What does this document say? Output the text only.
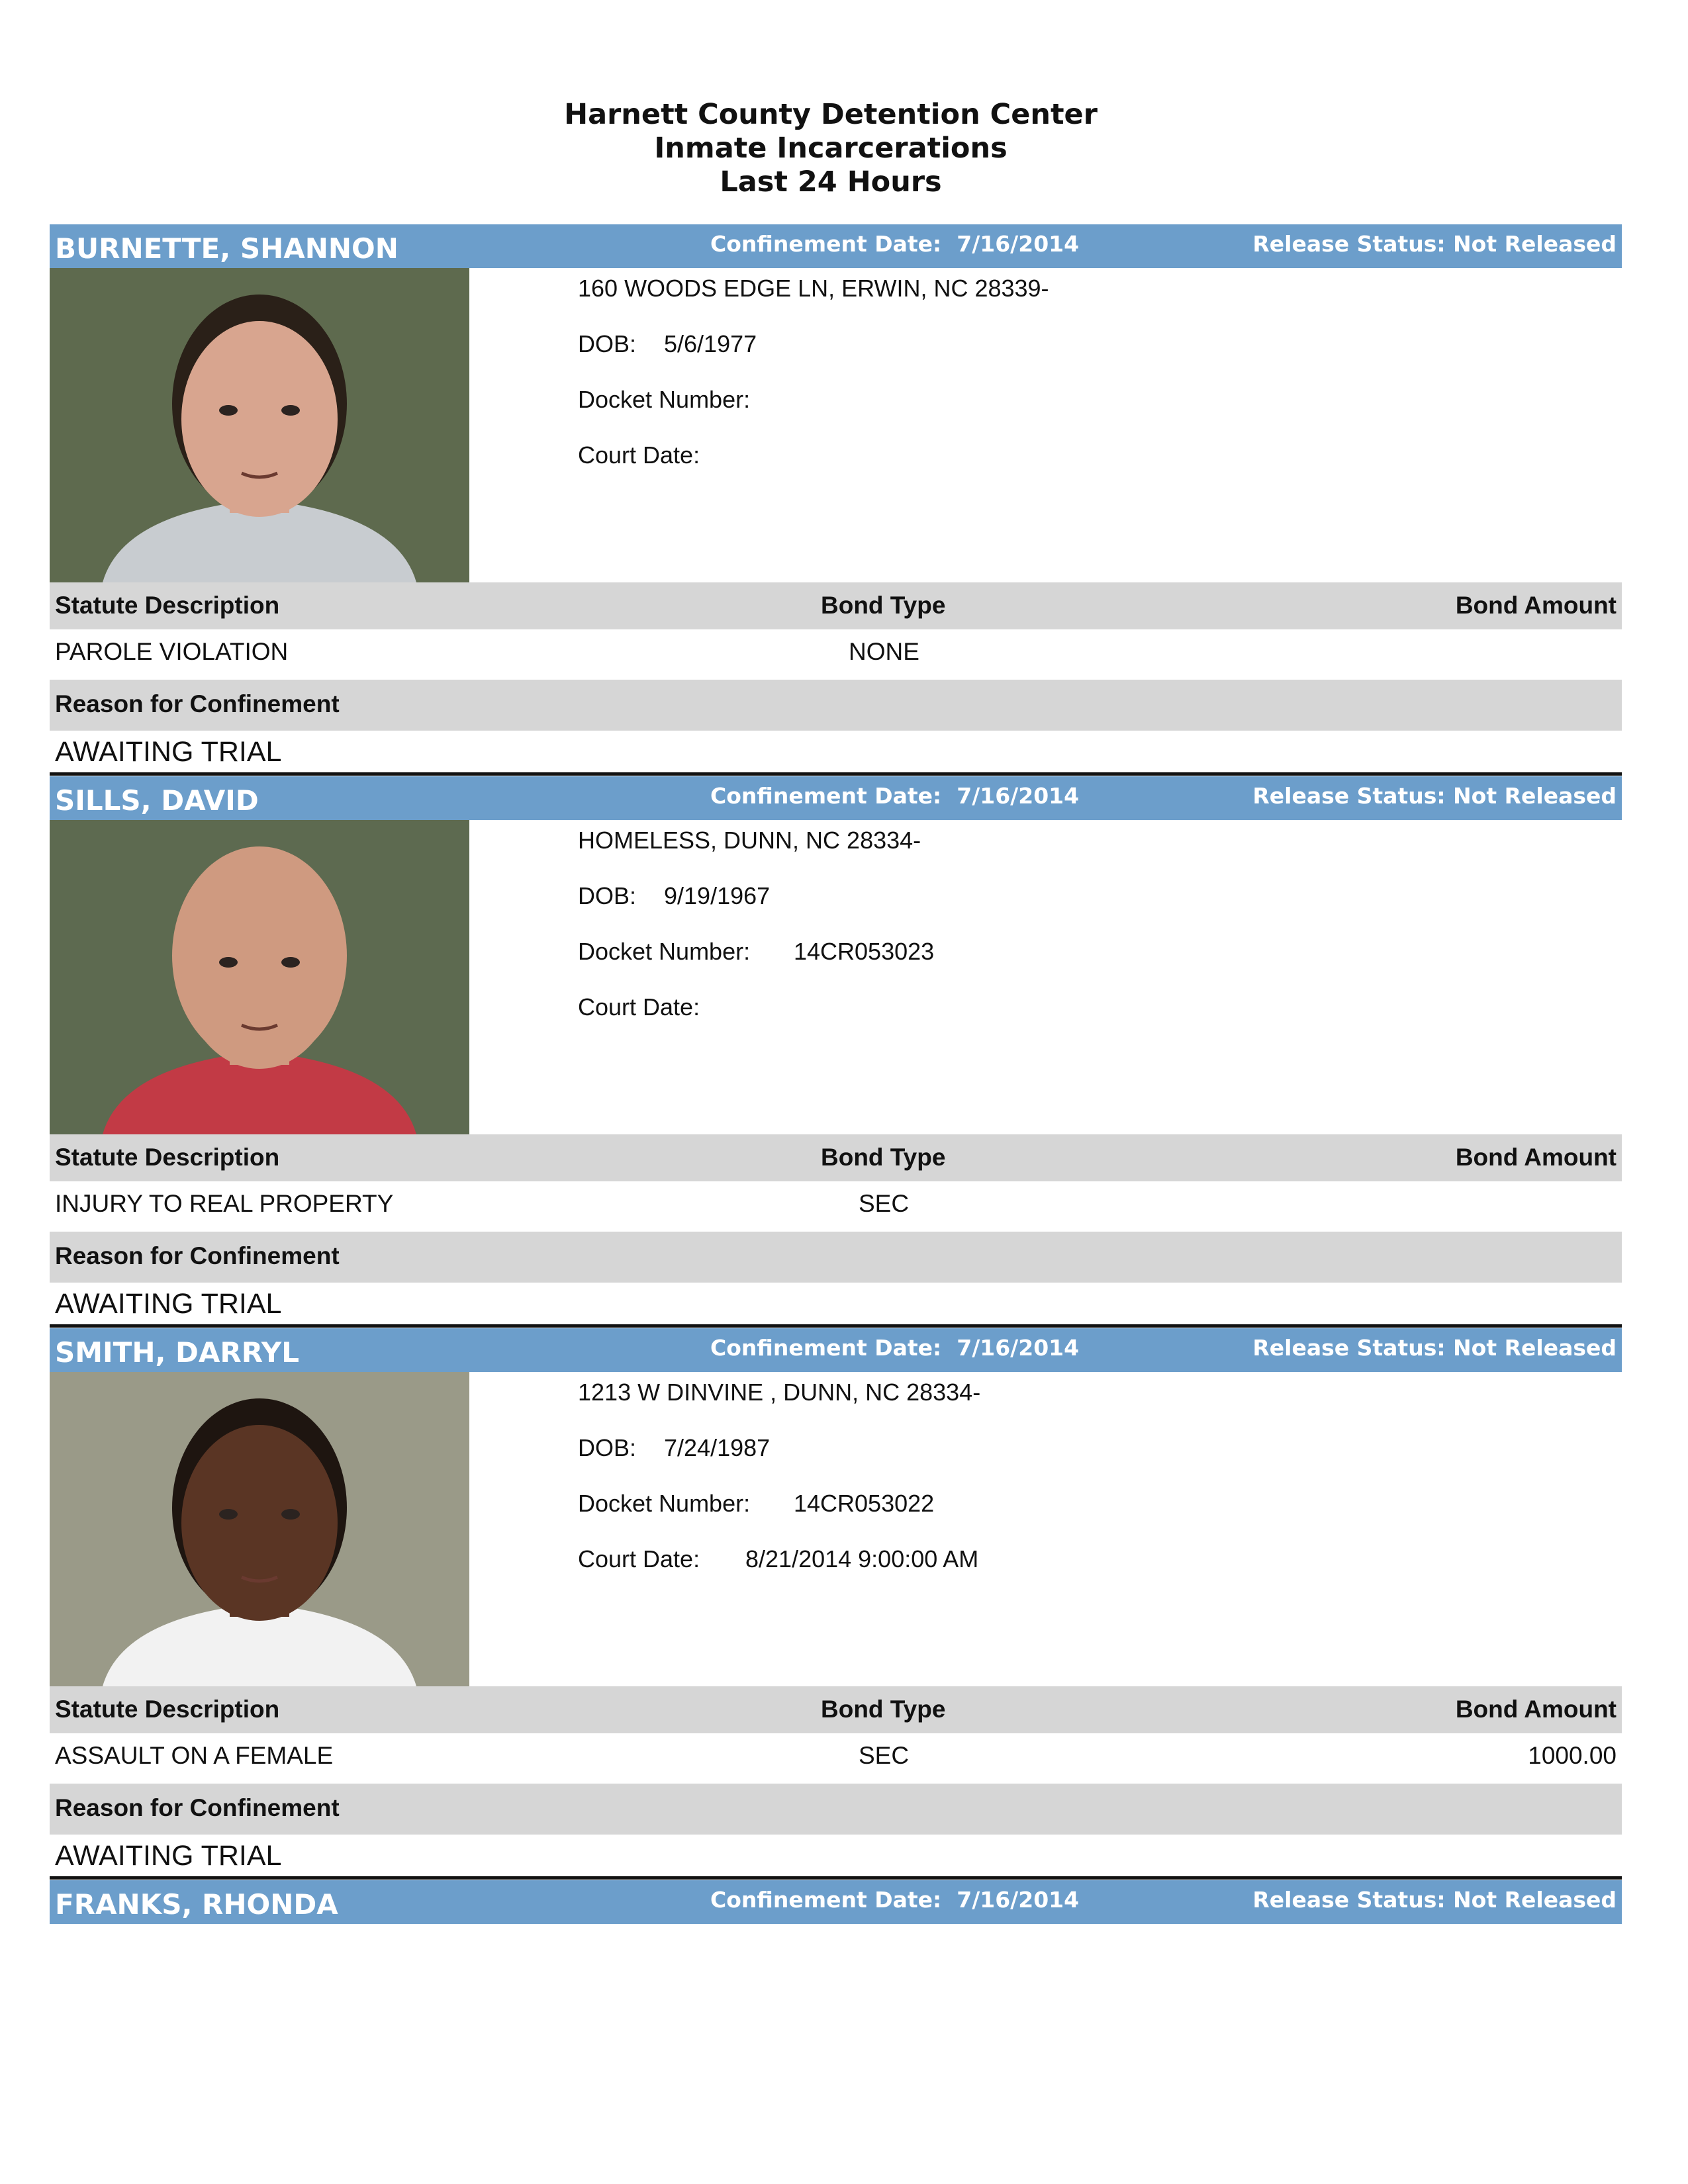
Harnett County Detention Center
Inmate Incarcerations
Last 24 Hours
BURNETTE, SHANNON	Confinement Date: 7/16/2014	Release Status: Not Released
160 WOODS EDGE LN, ERWIN, NC 28339-
DOB: 5/6/1977
Docket Number:
Court Date:
Statute Description	Bond Type	Bond Amount
PAROLE VIOLATION	NONE
Reason for Confinement
AWAITING TRIAL
SILLS, DAVID	Confinement Date: 7/16/2014	Release Status: Not Released
HOMELESS, DUNN, NC 28334-
DOB: 9/19/1967
Docket Number: 14CR053023
Court Date:
Statute Description	Bond Type	Bond Amount
INJURY TO REAL PROPERTY	SEC
Reason for Confinement
AWAITING TRIAL
SMITH, DARRYL	Confinement Date: 7/16/2014	Release Status: Not Released
1213 W DINVINE , DUNN, NC 28334-
DOB: 7/24/1987
Docket Number: 14CR053022
Court Date: 8/21/2014 9:00:00 AM
Statute Description	Bond Type	Bond Amount
ASSAULT ON A FEMALE	SEC	1000.00
Reason for Confinement
AWAITING TRIAL
FRANKS, RHONDA	Confinement Date: 7/16/2014	Release Status: Not Released
